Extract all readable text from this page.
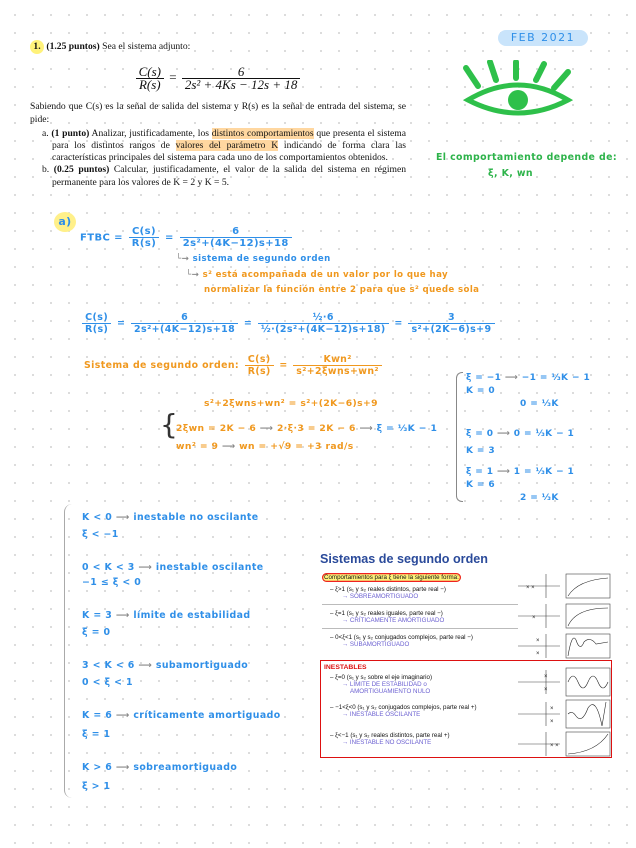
FEB 2021
El comportamiento depende de:
ξ, K, wn
1. (1.25 puntos) Sea el sistema adjunto:
$\frac{C(s)}{R(s)} = \frac{6}{\text{2s² + 4Ks − 12s + 18}}$
Sabiendo que C(s) es la señal de salida del sistema y R(s) es la señal de entrada del sistema, se pide:
a. (1 punto) Analizar, justificadamente, los distintos comportamientos que presenta el sistema para los distintos rangos de valores del parámetro K indicando de forma clara las características principales del sistema para cada uno de los comportamientos obtenidos.
b. (0.25 puntos) Calcular, justificadamente, el valor de la salida del sistema en régimen permanente para los valores de K = 2 y K = 5.
a)
FTBC = $\frac{C(s)}{R(s)} = \frac{6}{\text{2s²+(4K−12)s+18}}$
└→ sistema de segundo orden
└→ s² está acompañada de un valor por lo que hay
normalizar la función entre 2 para que s² quede sola
$\frac{C(s)}{R(s)} = \frac{6}{\text{2s²+(4K−12)s+18}} = \frac{\text{½·6}}{\text{½·(2s²+(4K−12)s+18)}} = \frac{3}{\text{s²+(2K−6)s+9}}$
Sistema de segundo orden: $\frac{C(s)}{R(s)} = \frac{\text{Kwn²}}{\text{s²+2ξwns+wn²}}$
s²+2ξwns+wn² = s²+(2K−6)s+9
{
2ξwn = 2K − 6 ⟶ 2·ξ·3 = 2K − 6 ⟶ ξ = ⅓K − 1
wn² = 9 ⟶ wn = +√9 = +3 rad/s
ξ = −1 ⟶ −1 = ⅓K − 1
K = 0
0 = ⅓K
ξ = 0 ⟶ 0 = ⅓K − 1
K = 3
ξ = 1 ⟶ 1 = ⅓K − 1
K = 6
2 = ⅓K
K < 0 ⟶ inestable no oscilante
ξ < −1
0 < K < 3 ⟶ inestable oscilante
−1 ≤ ξ < 0
K = 3 ⟶ límite de estabilidad
ξ = 0
3 < K < 6 ⟶ subamortiguado
0 < ξ < 1
K = 6 ⟶ críticamente amortiguado
ξ = 1
K > 6 ⟶ sobreamortiguado
ξ > 1
Sistemas de segundo orden
Comportamientos para ξ tiene la siguiente forma:
– ξ>1 (s₁ y s₂ reales distintos, parte real −)
→ SOBREAMORTIGUADO
– ξ=1 (s₁ y s₂ reales iguales, parte real −)
→ CRÍTICAMENTE AMORTIGUADO
– 0<ξ<1 (s₁ y s₂ conjugados complejos, parte real −)
→ SUBAMORTIGUADO
INESTABLES
– ξ=0 (s₁ y s₂ sobre el eje imaginario)
→ LÍMITE DE ESTABILIDAD o
AMORTIGUAMIENTO NULO
– −1<ξ<0 (s₁ y s₂ conjugados complejos, parte real +)
→ INESTABLE OSCILANTE
– ξ<−1 (s₁ y s₂ reales distintos, parte real +)
→ INESTABLE NO OSCILANTE
× ×
×
×
×
×
×
×
×
× ×
